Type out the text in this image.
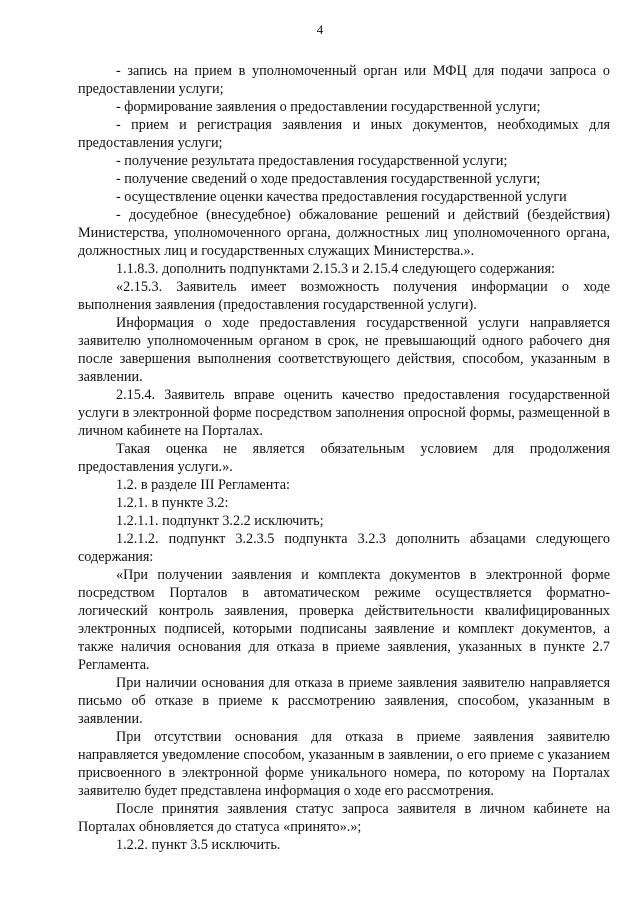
4

- запись на прием в уполномоченный орган или МФЦ для подачи запроса о предоставлении услуги;

- формирование заявления о предоставлении государственной услуги;

- прием и регистрация заявления и иных документов, необходимых для предоставления услуги;

- получение результата предоставления государственной услуги;

- получение сведений о ходе предоставления государственной услуги;

- осуществление оценки качества предоставления государственной услуги

- досудебное (внесудебное) обжалование решений и действий (бездействия) Министерства, уполномоченного органа, должностных лиц уполномоченного органа, должностных лиц и государственных служащих Министерства.».

1.1.8.3. дополнить подпунктами 2.15.3 и 2.15.4 следующего содержания:

«2.15.3. Заявитель имеет возможность получения информации о ходе выполнения заявления (предоставления государственной услуги).

Информация о ходе предоставления государственной услуги направляется заявителю уполномоченным органом в срок, не превышающий одного рабочего дня после завершения выполнения соответствующего действия, способом, указанным в заявлении.

2.15.4. Заявитель вправе оценить качество предоставления государственной услуги в электронной форме посредством заполнения опросной формы, размещенной в личном кабинете на Порталах.

Такая оценка не является обязательным условием для продолжения предоставления услуги.».

1.2. в разделе III Регламента:

1.2.1. в пункте 3.2:

1.2.1.1. подпункт 3.2.2 исключить;

1.2.1.2. подпункт 3.2.3.5 подпункта 3.2.3 дополнить абзацами следующего содержания:

«При получении заявления и комплекта документов в электронной форме посредством Порталов в автоматическом режиме осуществляется форматно-логический контроль заявления, проверка действительности квалифицированных электронных подписей, которыми подписаны заявление и комплект документов, а также наличия основания для отказа в приеме заявления, указанных в пункте 2.7 Регламента.

При наличии основания для отказа в приеме заявления заявителю направляется письмо об отказе в приеме к рассмотрению заявления, способом, указанным в заявлении.

При отсутствии основания для отказа в приеме заявления заявителю направляется уведомление способом, указанным в заявлении, о его приеме с указанием присвоенного в электронной форме уникального номера, по которому на Порталах заявителю будет представлена информация о ходе его рассмотрения.

После принятия заявления статус запроса заявителя в личном кабинете на Порталах обновляется до статуса «принято».»;

1.2.2. пункт 3.5 исключить.
